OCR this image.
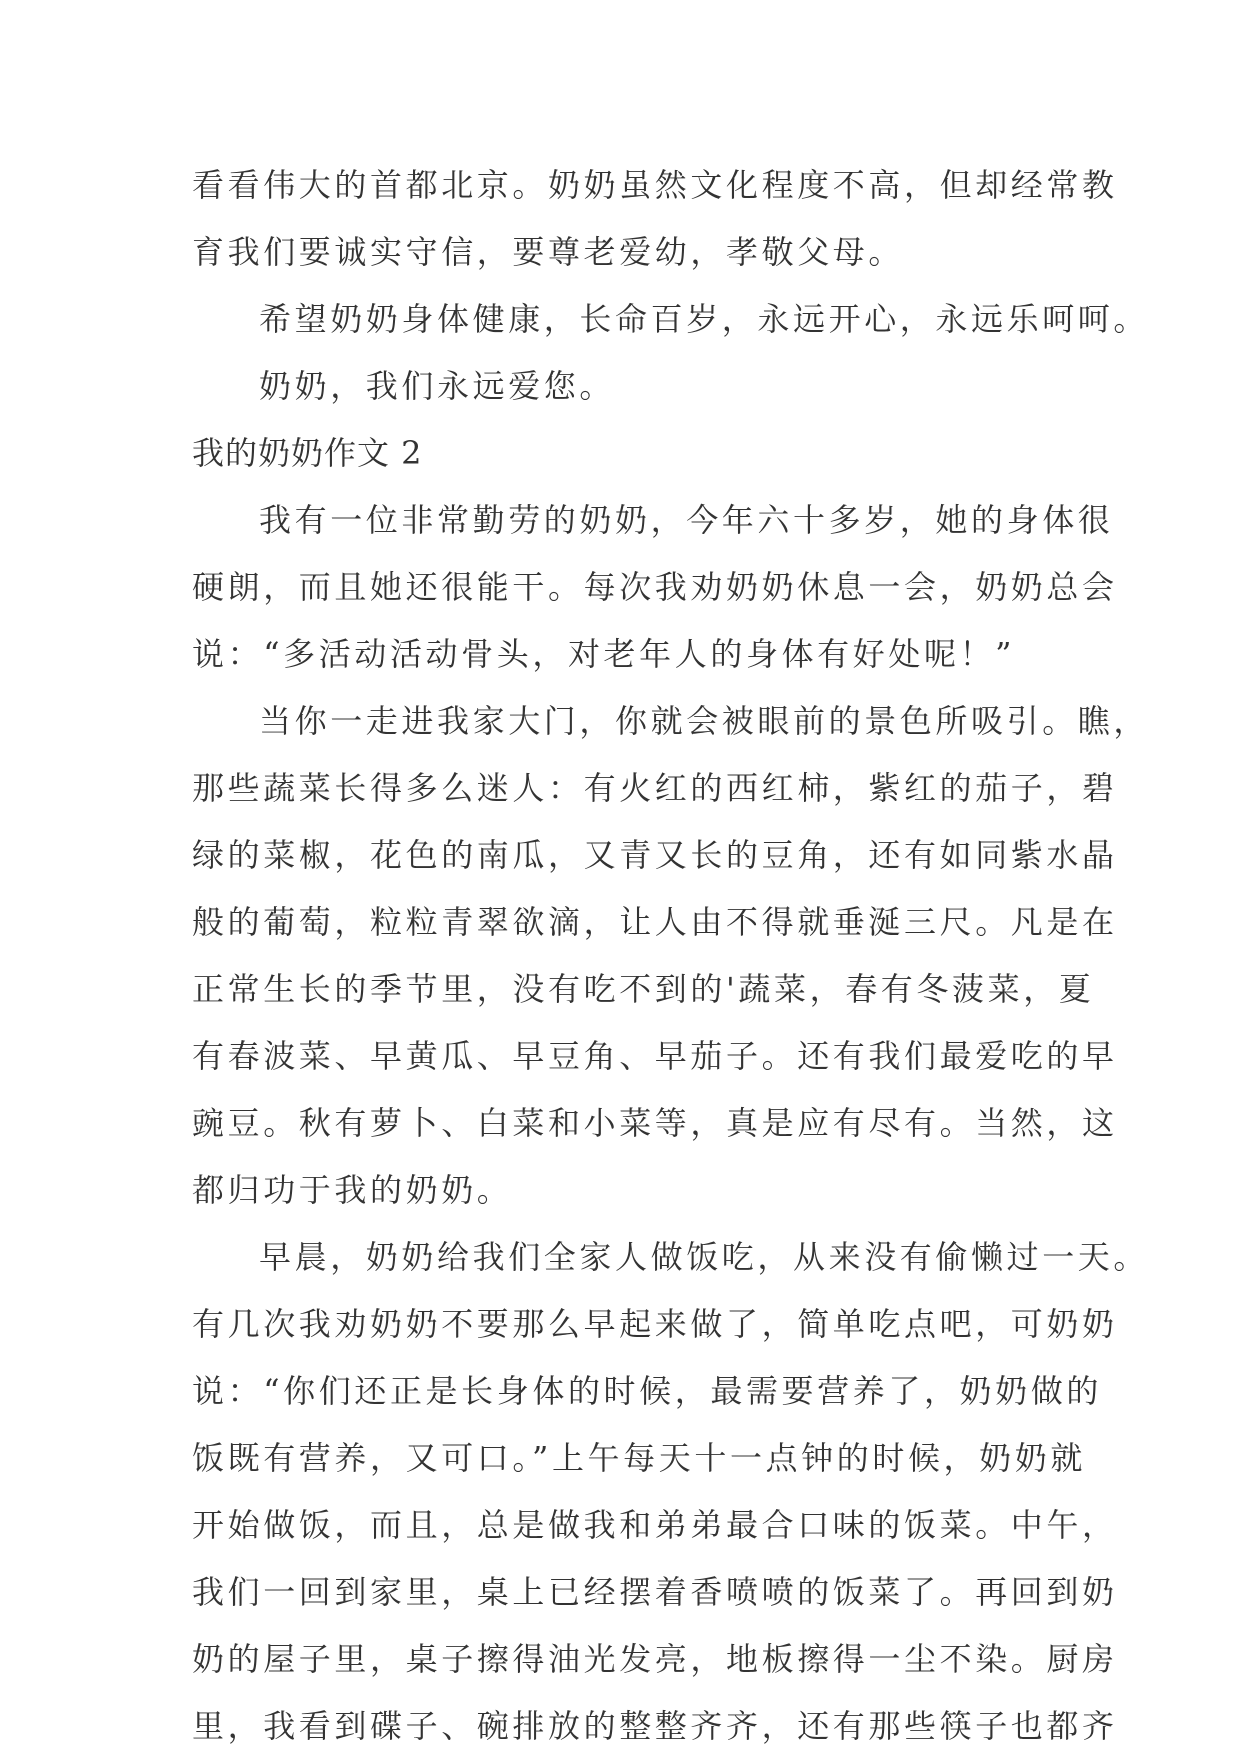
看看伟大的首都北京。奶奶虽然文化程度不高，但却经常教
育我们要诚实守信，要尊老爱幼，孝敬父母。
希望奶奶身体健康，长命百岁，永远开心，永远乐呵呵。
奶奶，我们永远爱您。
我的奶奶作文 2
我有一位非常勤劳的奶奶，今年六十多岁，她的身体很
硬朗，而且她还很能干。每次我劝奶奶休息一会，奶奶总会
说：“多活动活动骨头，对老年人的身体有好处呢！”
当你一走进我家大门，你就会被眼前的景色所吸引。瞧，
那些蔬菜长得多么迷人：有火红的西红柿，紫红的茄子，碧
绿的菜椒，花色的南瓜，又青又长的豆角，还有如同紫水晶
般的葡萄，粒粒青翠欲滴，让人由不得就垂涎三尺。凡是在
正常生长的季节里，没有吃不到的'蔬菜，春有冬菠菜，夏
有春波菜、早黄瓜、早豆角、早茄子。还有我们最爱吃的早
豌豆。秋有萝卜、白菜和小菜等，真是应有尽有。当然，这
都归功于我的奶奶。
早晨，奶奶给我们全家人做饭吃，从来没有偷懒过一天。
有几次我劝奶奶不要那么早起来做了，简单吃点吧，可奶奶
说：“你们还正是长身体的时候，最需要营养了，奶奶做的
饭既有营养，又可口。”上午每天十一点钟的时候，奶奶就
开始做饭，而且，总是做我和弟弟最合口味的饭菜。中午，
我们一回到家里，桌上已经摆着香喷喷的饭菜了。再回到奶
奶的屋子里，桌子擦得油光发亮，地板擦得一尘不染。厨房
里，我看到碟子、碗排放的整整齐齐，还有那些筷子也都齐
